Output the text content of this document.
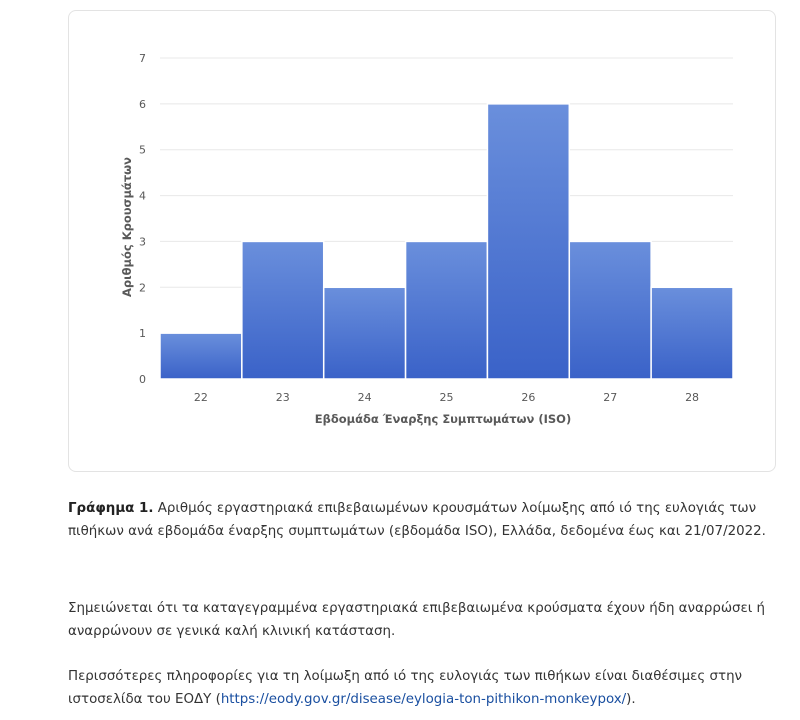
0
1
2
3
4
5
6
7
22	23	24	25	26	27	28
Εβδομάδα Έναρξης Συμπτωμάτων (ISO)
Αριθμός Κρουσμάτων

Γράφημα 1. Αριθμός εργαστηριακά επιβεβαιωμένων κρουσμάτων λοίμωξης από ιό της ευλογιάς των πιθήκων ανά εβδομάδα έναρξης συμπτωμάτων (εβδομάδα ISO), Ελλάδα, δεδομένα έως και 21/07/2022.

Σημειώνεται ότι τα καταγεγραμμένα εργαστηριακά επιβεβαιωμένα κρούσματα έχουν ήδη αναρρώσει ή αναρρώνουν σε γενικά καλή κλινική κατάσταση.

Περισσότερες πληροφορίες για τη λοίμωξη από ιό της ευλογιάς των πιθήκων είναι διαθέσιμες στην ιστοσελίδα του ΕΟΔΥ (https://eody.gov.gr/disease/eylogia-ton-pithikon-monkeypox/).
